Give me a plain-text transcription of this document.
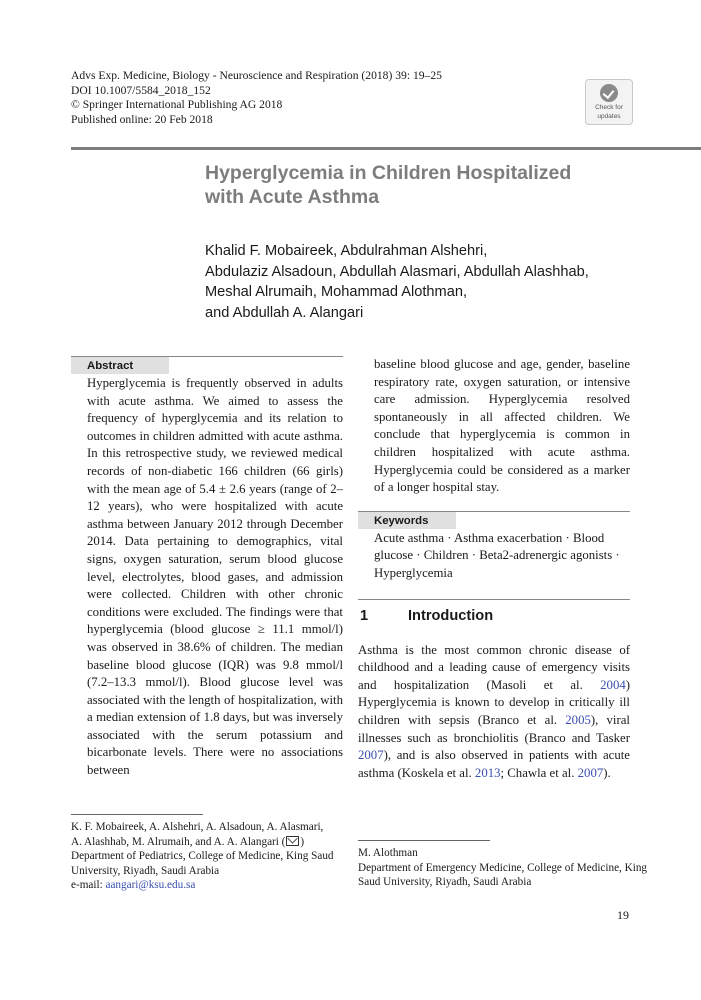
Advs Exp. Medicine, Biology - Neuroscience and Respiration (2018) 39: 19–25
DOI 10.1007/5584_2018_152
© Springer International Publishing AG 2018
Published online: 20 Feb 2018
Check for
updates
Hyperglycemia in Children Hospitalized
with Acute Asthma
Khalid F. Mobaireek, Abdulrahman Alshehri,
Abdulaziz Alsadoun, Abdullah Alasmari, Abdullah Alashhab,
Meshal Alrumaih, Mohammad Alothman,
and Abdullah A. Alangari
Abstract
Hyperglycemia is frequently observed in adults with acute asthma. We aimed to assess the frequency of hyperglycemia and its relation to outcomes in children admitted with acute asthma. In this retrospective study, we reviewed medical records of non-diabetic 166 children (66 girls) with the mean age of 5.4 ± 2.6 years (range of 2–12 years), who were hospitalized with acute asthma between January 2012 through December 2014. Data pertaining to demographics, vital signs, oxygen saturation, serum blood glucose level, electrolytes, blood gases, and admission were collected. Children with other chronic conditions were excluded. The findings were that hyperglycemia (blood glucose ≥ 11.1 mmol/l) was observed in 38.6% of children. The median baseline blood glucose (IQR) was 9.8 mmol/l (7.2–13.3 mmol/l). Blood glucose level was associated with the length of hospitalization, with a median extension of 1.8 days, but was inversely associated with the serum potassium and bicarbonate levels. There were no associations between
baseline blood glucose and age, gender, baseline respiratory rate, oxygen saturation, or intensive care admission. Hyperglycemia resolved spontaneously in all affected children. We conclude that hyperglycemia is common in children hospitalized with acute asthma. Hyperglycemia could be considered as a marker of a longer hospital stay.
Keywords
Acute asthma · Asthma exacerbation · Blood glucose · Children · Beta2-adrenergic agonists · Hyperglycemia
1	Introduction
Asthma is the most common chronic disease of childhood and a leading cause of emergency visits and hospitalization (Masoli et al. 2004) Hyperglycemia is known to develop in critically ill children with sepsis (Branco et al. 2005), viral illnesses such as bronchiolitis (Branco and Tasker 2007), and is also observed in patients with acute asthma (Koskela et al. 2013; Chawla et al. 2007).
K. F. Mobaireek, A. Alshehri, A. Alsadoun, A. Alasmari,
A. Alashhab, M. Alrumaih, and A. A. Alangari ( )
Department of Pediatrics, College of Medicine, King Saud University, Riyadh, Saudi Arabia
e-mail: aangari@ksu.edu.sa
M. Alothman
Department of Emergency Medicine, College of Medicine, King Saud University, Riyadh, Saudi Arabia
19
